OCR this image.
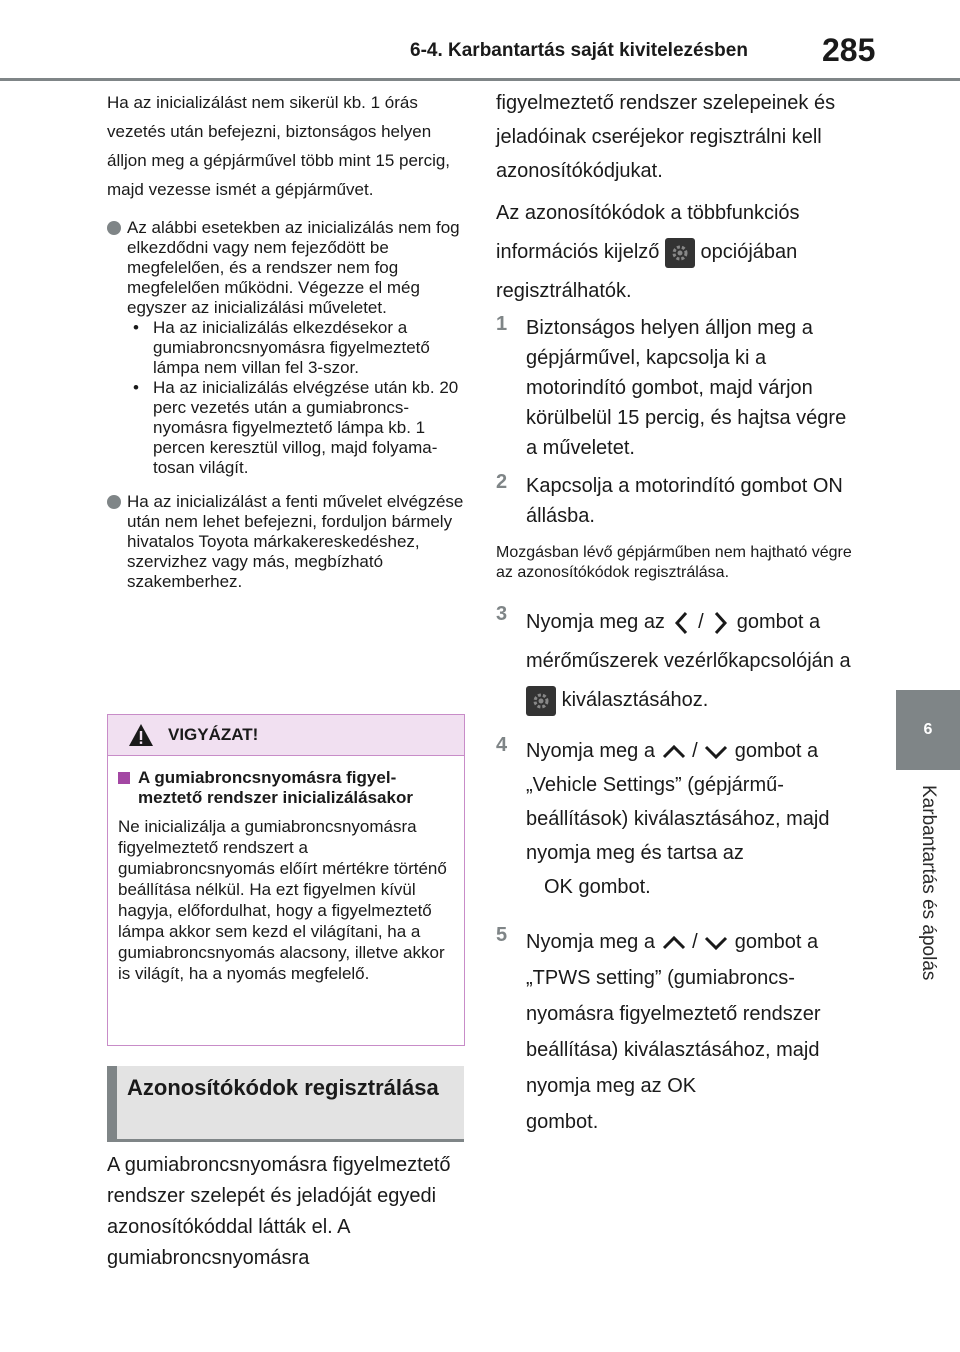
6-4. Karbantartás saját kivitelezésben 285
6
Karbantartás és ápolás

Ha az inicializálást nem sikerül kb. 1 órás vezetés után befejezni, biztonságos helyen álljon meg a gépjárművel több mint 15 percig, majd vezesse ismét a gépjárművet.

Az alábbi esetekben az inicializálás nem fog elkezdődni vagy nem fejeződött be megfelelően, és a rendszer nem fog megfelelően működni. Végezze el még egyszer az inicializálási műveletet.
• Ha az inicializálás elkezdésekor a gumiabroncsnyomásra figyelmeztető lámpa nem villan fel 3-szor.
• Ha az inicializálás elvégzése után kb. 20 perc vezetés után a gumiabroncsnyomásra figyelmeztető lámpa kb. 1 percen keresztül villog, majd folyamatosan világít.
Ha az inicializálást a fenti művelet elvégzése után nem lehet befejezni, forduljon bármely hivatalos Toyota márkakereskedéshez, szervizhez vagy más, megbízható szakemberhez.
VIGYÁZAT!
A gumiabroncsnyomásra figyelmeztető rendszer inicializálásakor
Ne inicializálja a gumiabroncsnyomásra figyelmeztető rendszert a gumiabroncsnyomás előírt mértékre történő beállítása nélkül. Ha ezt figyelmen kívül hagyja, előfordulhat, hogy a figyelmeztető lámpa akkor sem kezd el világítani, ha a gumiabroncsnyomás alacsony, illetve akkor is világít, ha a nyomás megfelelő.
Azonosítókódok regisztrálása
A gumiabroncsnyomásra figyelmeztető rendszer szelepét és jeladóját egyedi azonosítókóddal látták el. A gumiabroncsnyomásra

figyelmeztető rendszer szelepeinek és jeladóinak cseréjekor regisztrálni kell azonosítókódjukat.

Az azonosítókódok a többfunkciós információs kijelző opciójában regisztrálhatók.

1 Biztonságos helyen álljon meg a gépjárművel, kapcsolja ki a motorindító gombot, majd várjon körülbelül 15 percig, és hajtsa végre a műveletet.
2 Kapcsolja a motorindító gombot ON állásba.

Mozgásban lévő gépjárműben nem hajtható végre az azonosítókódok regisztrálása.

3 Nyomja meg az / gombot a mérőműszerek vezérlőkapcsolóján a
kiválasztásához.
4 Nyomja meg a / gombot a „Vehicle Settings” (gépjárműbeállítások) kiválasztásához, majd nyomja meg és tartsa az
OK gombot.
5 Nyomja meg a / gombot a „TPWS setting” (gumiabroncsnyomásra figyelmeztető rendszer beállítása) kiválasztásához, majd nyomja meg az OK
gombot.
